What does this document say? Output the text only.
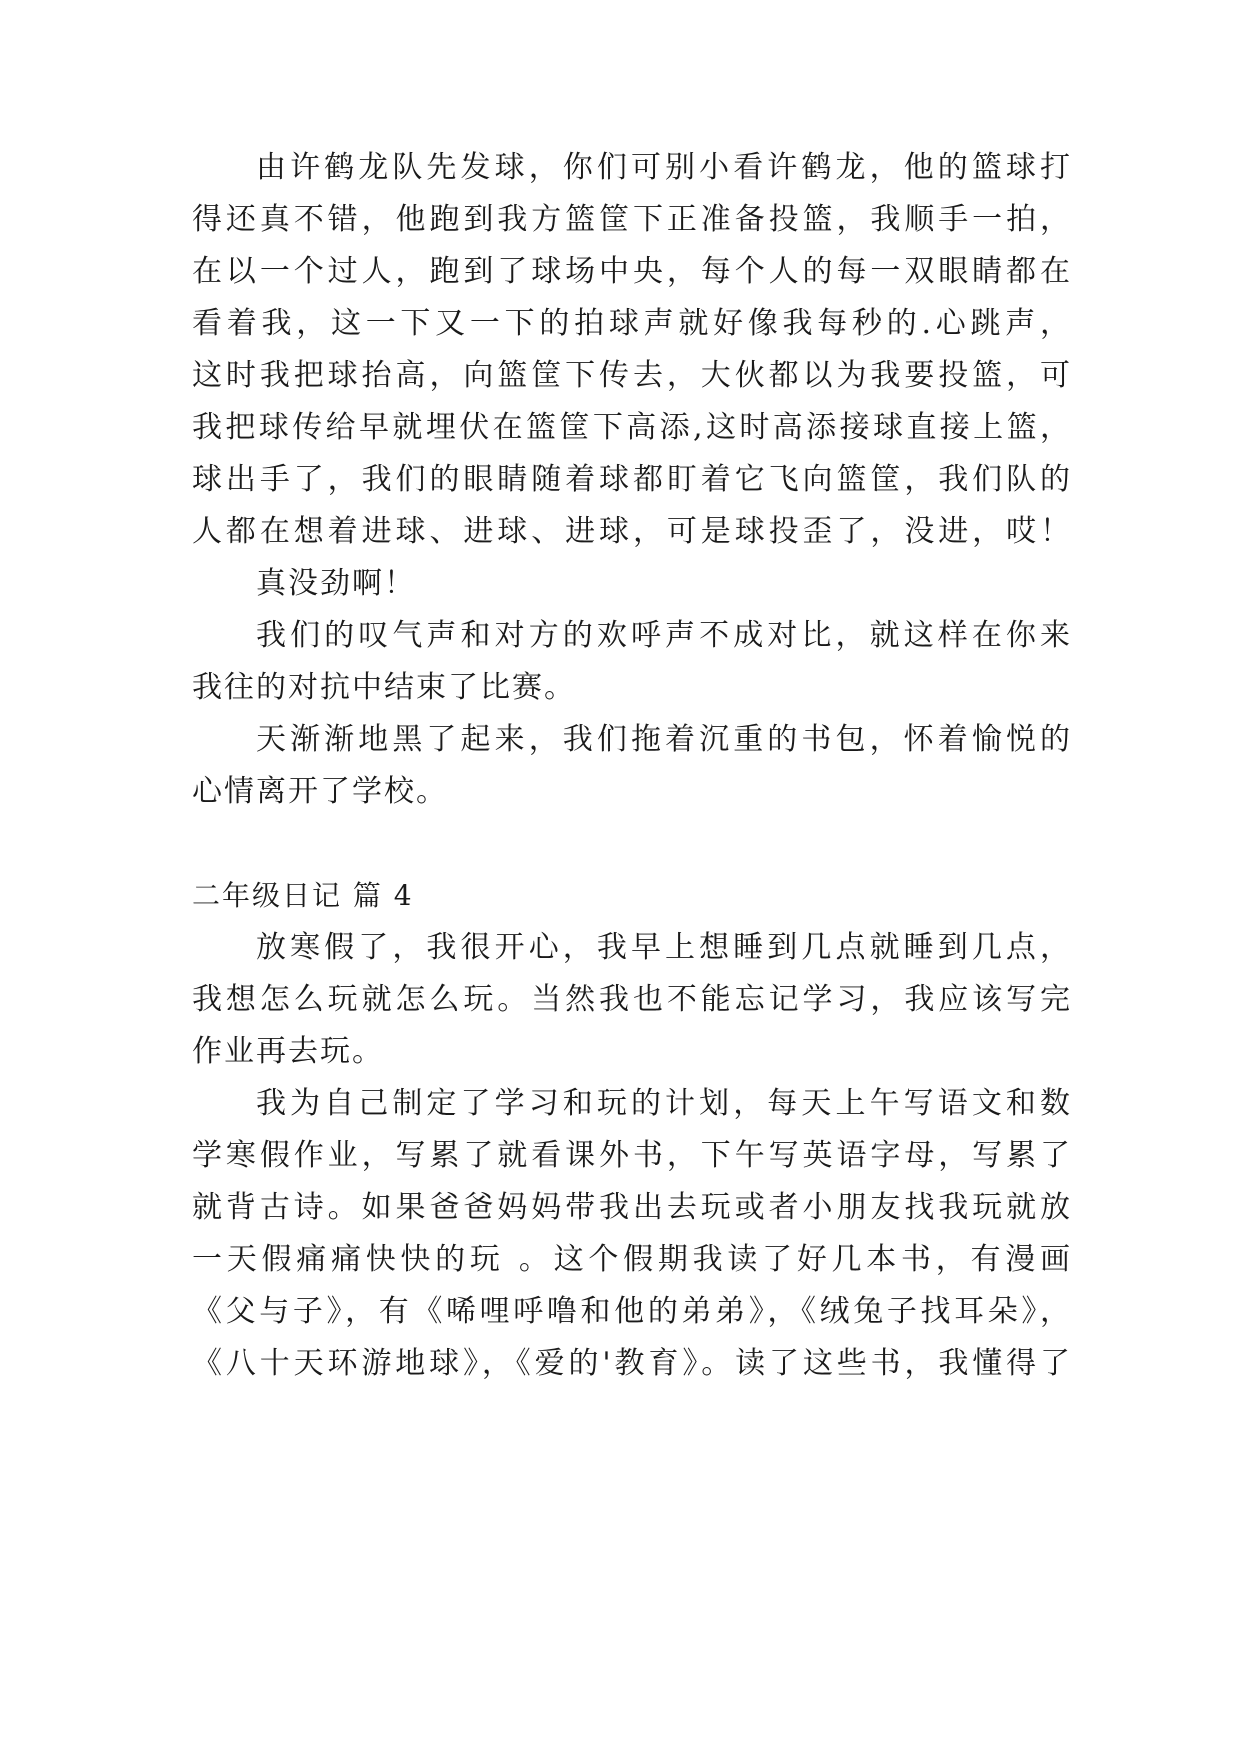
由许鹤龙队先发球，你们可别小看许鹤龙，他的篮球打
得还真不错，他跑到我方篮筐下正准备投篮，我顺手一拍，
在以一个过人，跑到了球场中央，每个人的每一双眼睛都在
看着我，这一下又一下的拍球声就好像我每秒的.心跳声，
这时我把球抬高，向篮筐下传去，大伙都以为我要投篮，可
我把球传给早就埋伏在篮筐下高添,这时高添接球直接上篮，
球出手了，我们的眼睛随着球都盯着它飞向篮筐，我们队的
人都在想着进球、进球、进球，可是球投歪了，没进，哎！
真没劲啊！
我们的叹气声和对方的欢呼声不成对比，就这样在你来
我往的对抗中结束了比赛。
天渐渐地黑了起来，我们拖着沉重的书包，怀着愉悦的
心情离开了学校。
二年级日记 篇 4
放寒假了，我很开心，我早上想睡到几点就睡到几点，
我想怎么玩就怎么玩。当然我也不能忘记学习，我应该写完
作业再去玩。
我为自己制定了学习和玩的计划，每天上午写语文和数
学寒假作业，写累了就看课外书，下午写英语字母，写累了
就背古诗。如果爸爸妈妈带我出去玩或者小朋友找我玩就放
一天假痛痛快快的玩 。这个假期我读了好几本书，有漫画
《父与子》，有《唏哩呼噜和他的弟弟》，《绒兔子找耳朵》，
《八十天环游地球》，《爱的'教育》。读了这些书，我懂得了
